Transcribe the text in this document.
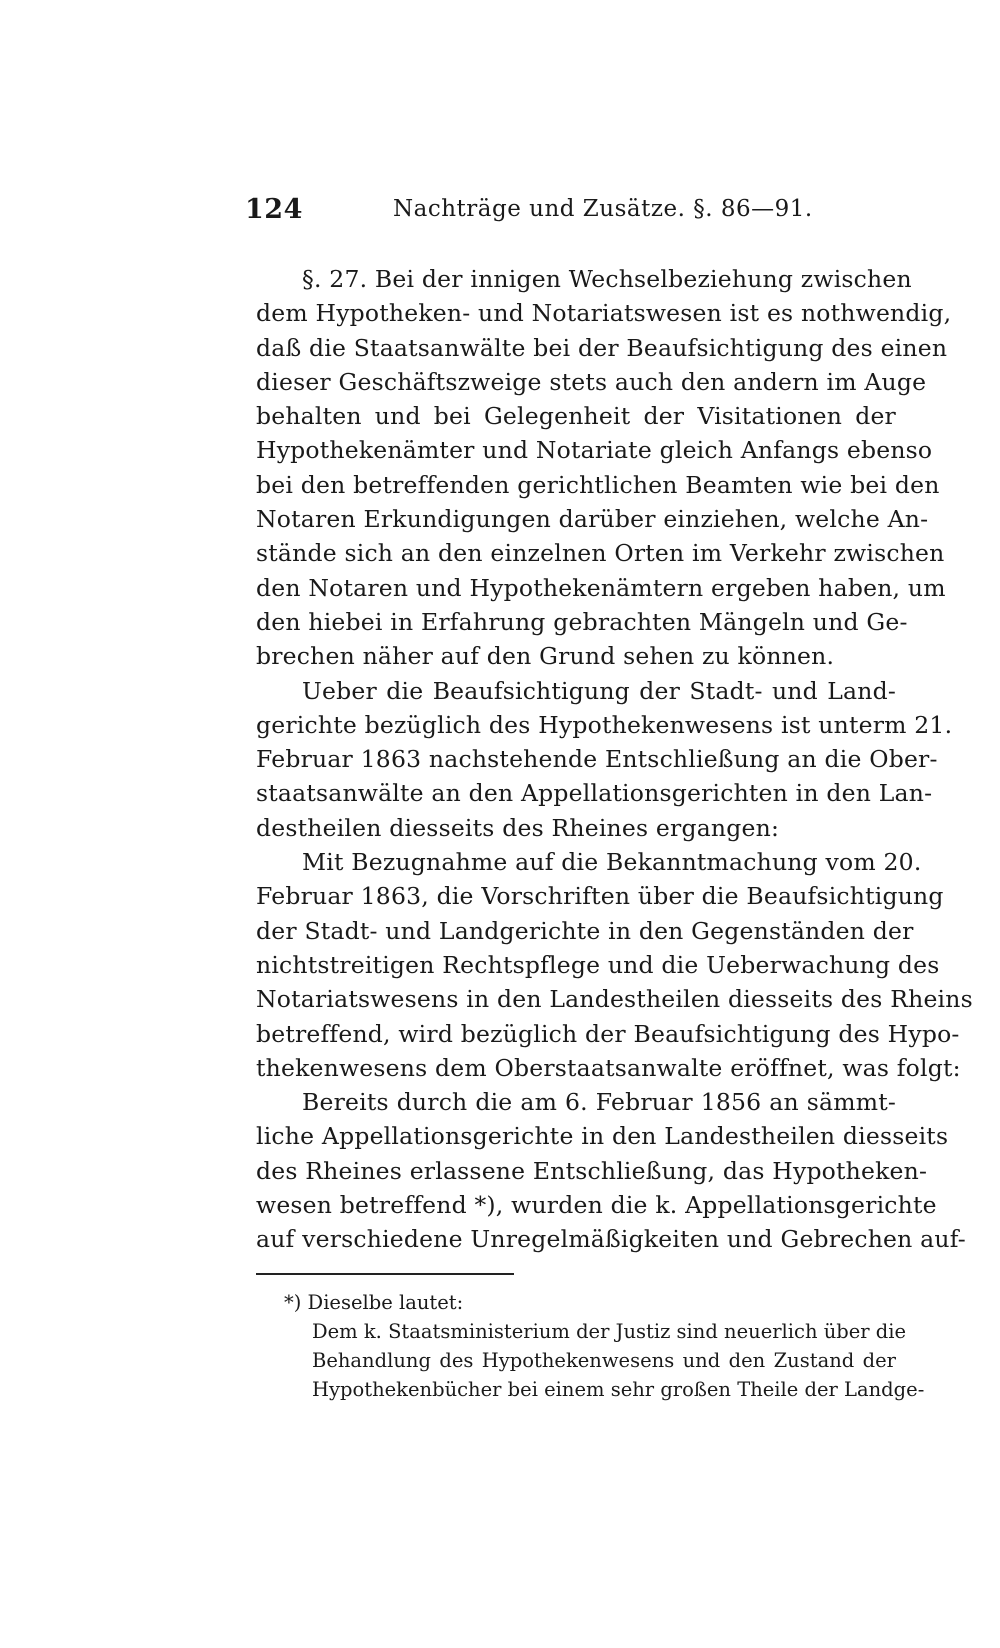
124	Nachträge und Zusätze. §. 86—91.
§. 27. Bei der innigen Wechselbeziehung zwischen
dem Hypotheken- und Notariatswesen ist es nothwendig,
daß die Staatsanwälte bei der Beaufsichtigung des einen
dieser Geschäftszweige stets auch den andern im Auge
behalten und bei Gelegenheit der Visitationen der
Hypothekenämter und Notariate gleich Anfangs ebenso
bei den betreffenden gerichtlichen Beamten wie bei den
Notaren Erkundigungen darüber einziehen, welche An-
stände sich an den einzelnen Orten im Verkehr zwischen
den Notaren und Hypothekenämtern ergeben haben, um
den hiebei in Erfahrung gebrachten Mängeln und Ge-
brechen näher auf den Grund sehen zu können.
Ueber die Beaufsichtigung der Stadt- und Land-
gerichte bezüglich des Hypothekenwesens ist unterm 21.
Februar 1863 nachstehende Entschließung an die Ober-
staatsanwälte an den Appellationsgerichten in den Lan-
destheilen diesseits des Rheines ergangen:
Mit Bezugnahme auf die Bekanntmachung vom 20.
Februar 1863, die Vorschriften über die Beaufsichtigung
der Stadt- und Landgerichte in den Gegenständen der
nichtstreitigen Rechtspflege und die Ueberwachung des
Notariatswesens in den Landestheilen diesseits des Rheins
betreffend, wird bezüglich der Beaufsichtigung des Hypo-
thekenwesens dem Oberstaatsanwalte eröffnet, was folgt:
Bereits durch die am 6. Februar 1856 an sämmt-
liche Appellationsgerichte in den Landestheilen diesseits
des Rheines erlassene Entschließung, das Hypotheken-
wesen betreffend *), wurden die k. Appellationsgerichte
auf verschiedene Unregelmäßigkeiten und Gebrechen auf-
*) Dieselbe lautet:
Dem k. Staatsministerium der Justiz sind neuerlich über die
Behandlung des Hypothekenwesens und den Zustand der
Hypothekenbücher bei einem sehr großen Theile der Landge-
